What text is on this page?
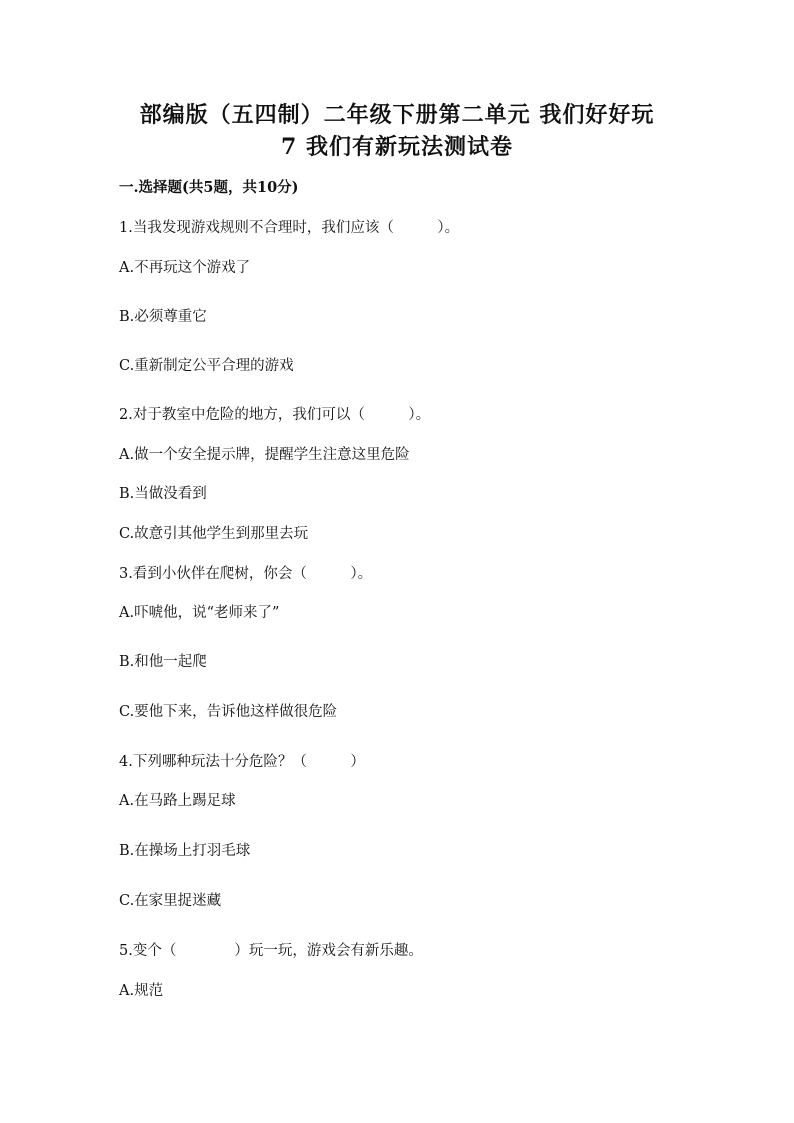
部编版（五四制）二年级下册第二单元 我们好好玩
7 我们有新玩法测试卷
一.选择题(共5题，共10分)
1.当我发现游戏规则不合理时，我们应该（　　　）。
A.不再玩这个游戏了
B.必须尊重它
C.重新制定公平合理的游戏
2.对于教室中危险的地方，我们可以（　　　）。
A.做一个安全提示牌，提醒学生注意这里危险
B.当做没看到
C.故意引其他学生到那里去玩
3.看到小伙伴在爬树，你会（　　　）。
A.吓唬他，说“老师来了”
B.和他一起爬
C.要他下来，告诉他这样做很危险
4.下列哪种玩法十分危险？（　　　）
A.在马路上踢足球
B.在操场上打羽毛球
C.在家里捉迷藏
5.变个（　　　　）玩一玩，游戏会有新乐趣。
A.规范
